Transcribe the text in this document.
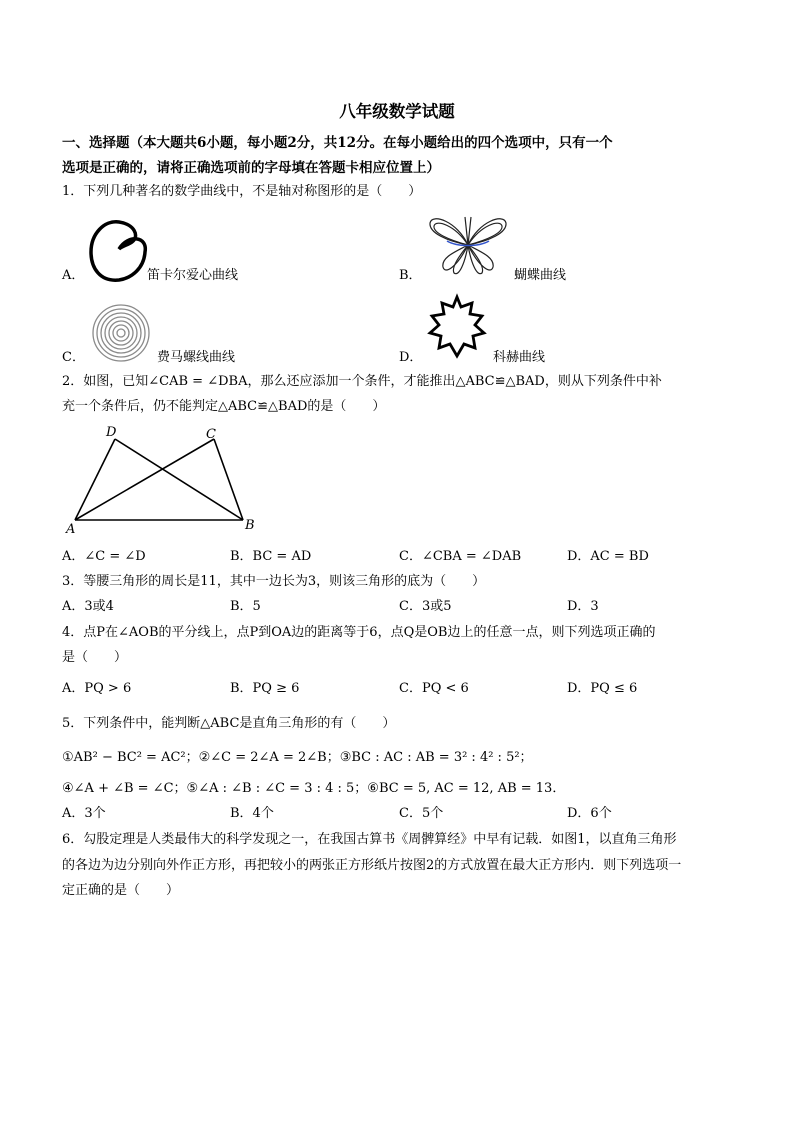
八年级数学试题
一、选择题（本大题共6小题，每小题2分，共12分。在每小题给出的四个选项中，只有一个
选项是正确的，请将正确选项前的字母填在答题卡相应位置上）
1．下列几种著名的数学曲线中，不是轴对称图形的是（　　）
A．	笛卡尔爱心曲线	B．	蝴蝶曲线
C．	费马螺线曲线	D．	科赫曲线
2．如图，已知∠CAB = ∠DBA，那么还应添加一个条件，才能推出△ABC≌△BAD，则从下列条件中补
充一个条件后，仍不能判定△ABC≌△BAD的是（　　）
D	C
A	B
A．∠C = ∠D	B．BC = AD	C．∠CBA = ∠DAB	D．AC = BD
3．等腰三角形的周长是11，其中一边长为3，则该三角形的底为（　　）
A．3或4	B．5	C．3或5	D．3
4．点P在∠AOB的平分线上，点P到OA边的距离等于6，点Q是OB边上的任意一点，则下列选项正确的
是（　　）
A．PQ > 6	B．PQ ≥ 6	C．PQ < 6	D．PQ ≤ 6
5．下列条件中，能判断△ABC是直角三角形的有（　　）
①AB² − BC² = AC²；②∠C = 2∠A = 2∠B；③BC : AC : AB = 3² : 4² : 5²；
④∠A + ∠B = ∠C；⑤∠A : ∠B : ∠C = 3 : 4 : 5；⑥BC = 5, AC = 12, AB = 13．
A．3个	B．4个	C．5个	D．6个
6．勾股定理是人类最伟大的科学发现之一，在我国古算书《周髀算经》中早有记载．如图1，以直角三角形
的各边为边分别向外作正方形，再把较小的两张正方形纸片按图2的方式放置在最大正方形内．则下列选项一
定正确的是（　　）
